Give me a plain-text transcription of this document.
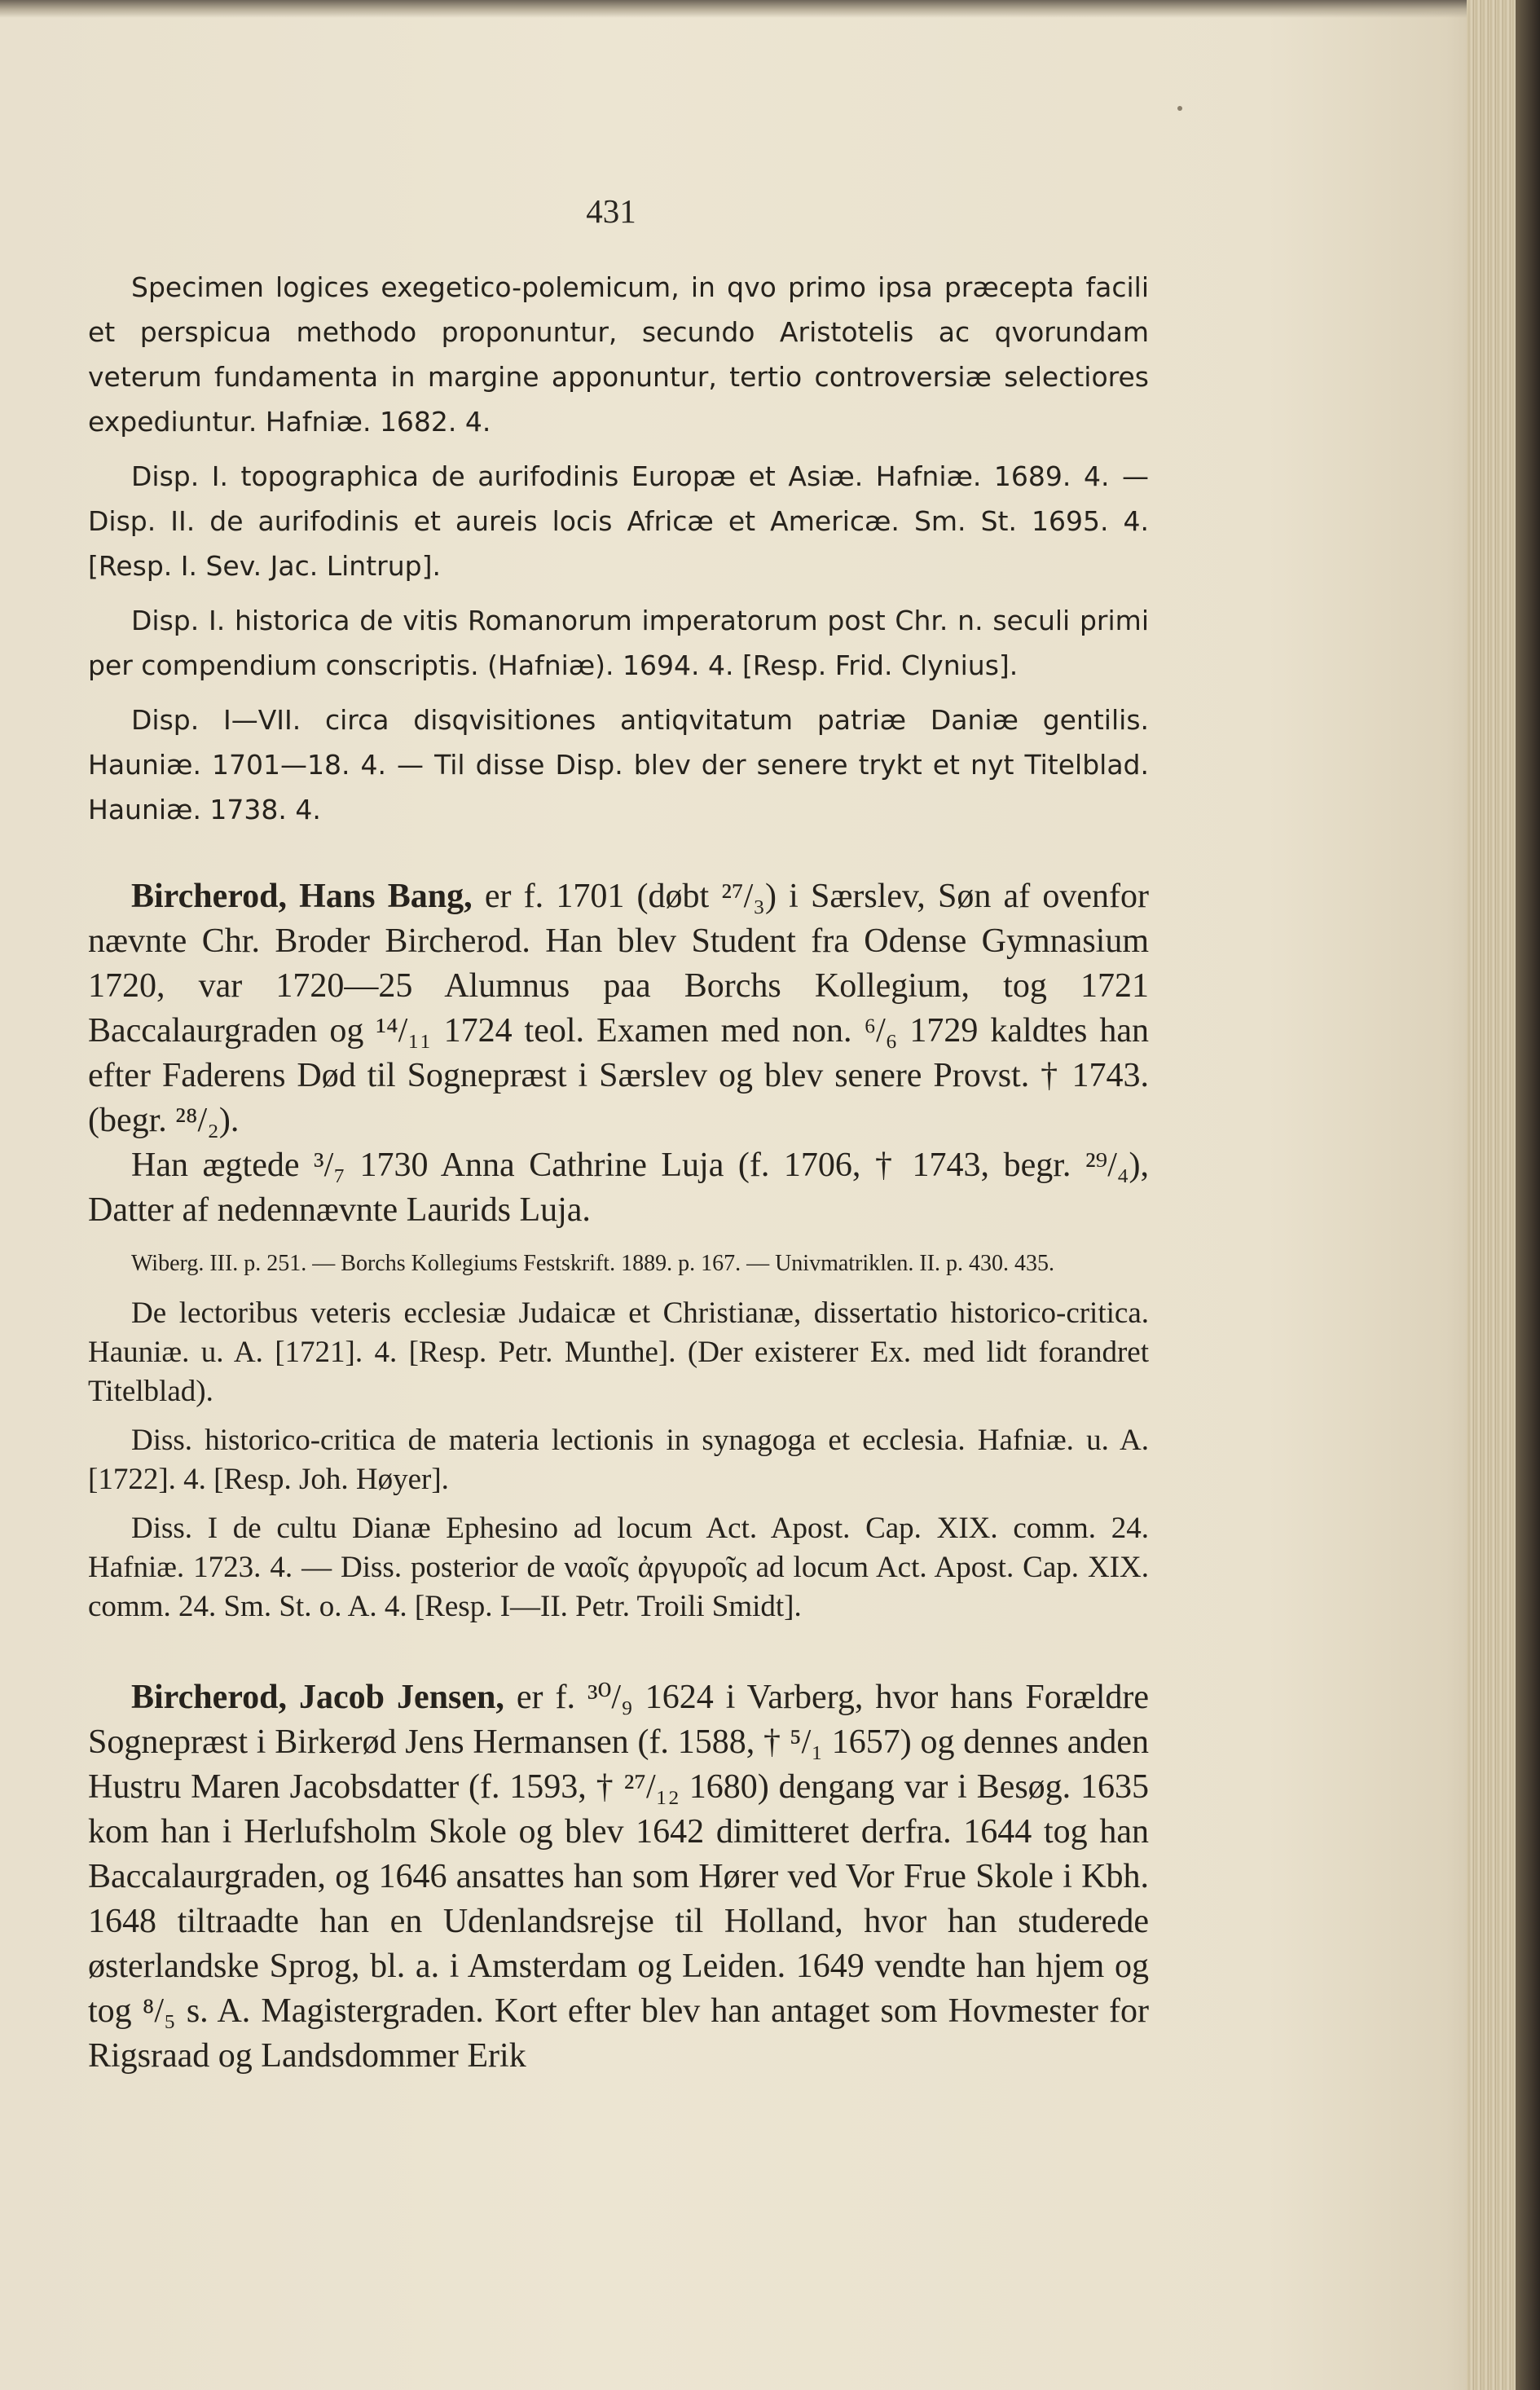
431

Specimen logices exegetico-polemicum, in qvo primo ipsa præcepta facili et perspicua methodo proponuntur, secundo Aristotelis ac qvorundam veterum fundamenta in margine apponuntur, tertio controversiæ selectiores expediuntur. Hafniæ. 1682. 4.

Disp. I. topographica de aurifodinis Europæ et Asiæ. Hafniæ. 1689. 4. — Disp. II. de aurifodinis et aureis locis Africæ et Americæ. Sm. St. 1695. 4. [Resp. I. Sev. Jac. Lintrup].

Disp. I. historica de vitis Romanorum imperatorum post Chr. n. seculi primi per compendium conscriptis. (Hafniæ). 1694. 4. [Resp. Frid. Clynius].

Disp. I—VII. circa disqvisitiones antiqvitatum patriæ Daniæ gentilis. Hauniæ. 1701—18. 4. — Til disse Disp. blev der senere trykt et nyt Titelblad. Hauniæ. 1738. 4.

Bircherod, Hans Bang, er f. 1701 (døbt ²⁷/₃) i Særslev, Søn af ovenfor nævnte Chr. Broder Bircherod. Han blev Student fra Odense Gymnasium 1720, var 1720—25 Alumnus paa Borchs Kollegium, tog 1721 Baccalaurgraden og ¹⁴/₁₁ 1724 teol. Examen med non. ⁶/₆ 1729 kaldtes han efter Faderens Død til Sognepræst i Særslev og blev senere Provst. † 1743. (begr. ²⁸/₂).

Han ægtede ³/₇ 1730 Anna Cathrine Luja (f. 1706, † 1743, begr. ²⁹/₄), Datter af nedennævnte Laurids Luja.

Wiberg. III. p. 251. — Borchs Kollegiums Festskrift. 1889. p. 167. — Univmatriklen. II. p. 430. 435.

De lectoribus veteris ecclesiæ Judaicæ et Christianæ, dissertatio historico-critica. Hauniæ. u. A. [1721]. 4. [Resp. Petr. Munthe]. (Der existerer Ex. med lidt forandret Titelblad).

Diss. historico-critica de materia lectionis in synagoga et ecclesia. Hafniæ. u. A. [1722]. 4. [Resp. Joh. Høyer].

Diss. I de cultu Dianæ Ephesino ad locum Act. Apost. Cap. XIX. comm. 24. Hafniæ. 1723. 4. — Diss. posterior de ναοῖς ἀργυροῖς ad locum Act. Apost. Cap. XIX. comm. 24. Sm. St. o. A. 4. [Resp. I—II. Petr. Troili Smidt].

Bircherod, Jacob Jensen, er f. ³⁰/₉ 1624 i Varberg, hvor hans Forældre Sognepræst i Birkerød Jens Hermansen (f. 1588, † ⁵/₁ 1657) og dennes anden Hustru Maren Jacobsdatter (f. 1593, † ²⁷/₁₂ 1680) dengang var i Besøg. 1635 kom han i Herlufsholm Skole og blev 1642 dimitteret derfra. 1644 tog han Baccalaurgraden, og 1646 ansattes han som Hører ved Vor Frue Skole i Kbh. 1648 tiltraadte han en Udenlandsrejse til Holland, hvor han studerede østerlandske Sprog, bl. a. i Amsterdam og Leiden. 1649 vendte han hjem og tog ⁸/₅ s. A. Magistergraden. Kort efter blev han antaget som Hovmester for Rigsraad og Landsdommer Erik
